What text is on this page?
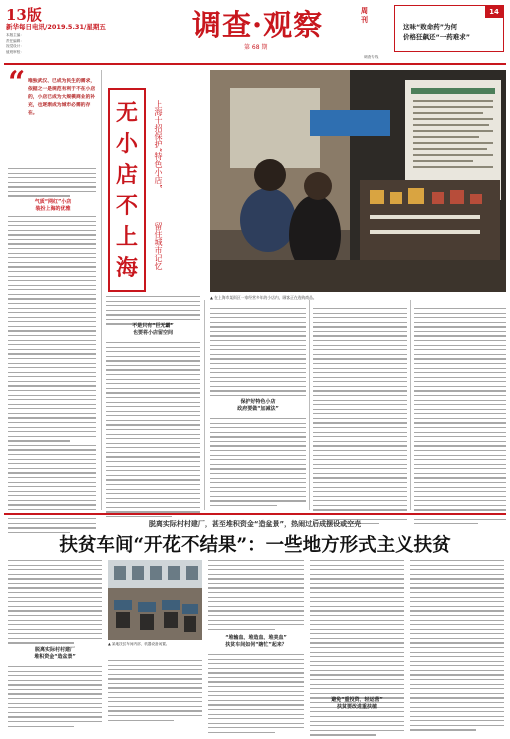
13版
新华每日电讯/2019.5.31/星期五
本版主编：
责任编辑：
视觉设计：
值班审校：
调查·观察	周刊
第 68 期
14
这味“败命药”为何
价格狂飙还“一药难求”
调查专线
“ 唯独武汉、已成为民生的需求，依据之一是规范有利于不在小店的，小店已成为大规模商业的补充，也逐渐成为城市必需的存在。
气质“网红”小店
装扮上海的优雅
无
小
店
不
上
海
上海十招保护“特色小店”
留住城市记忆
▲ 在上海市某街区一家经营多年的小店内，顾客正在选购商品。
不是只有“巨无霸”
也要将小店留空间
保护好特色小店
政府要做“加减法”
脱离实际村村建厂，甚至堆积资金“造盆景”，热闹过后成摆设或空壳
扶贫车间“开花不结果”：一些地方形式主义扶贫
脱离实际村村建厂
堆积资金“造盆景”
▲ 某地扶贫车间内部，机器设备闲置。
“堆输血、堆造血、堆美血”
扶贫车间如何“瞎忙”起来？
避免“重投资、轻运营”
扶贫要改进重扶植
